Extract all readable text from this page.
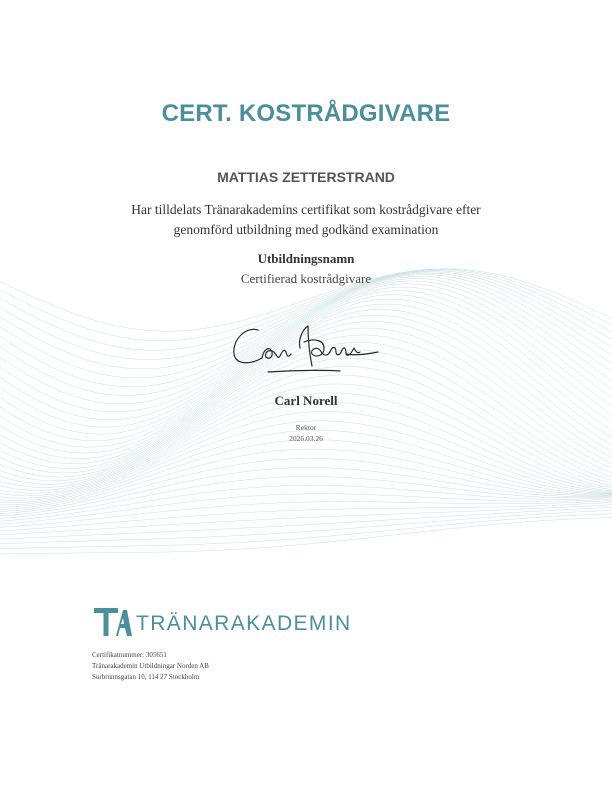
CERT. KOSTRÅDGIVARE
MATTIAS ZETTERSTRAND
Har tilldelats Tränarakademins certifikat som kostrådgivare efter
genomförd utbildning med godkänd examination
Utbildningsnamn
Certifierad kostrådgivare
Carl Norell
Rektor
2026.03.26
TRÄNARAKADEMIN
Certifikatnummer: 305651
Tränarakademin Utbildningar Norden AB
Surbrunnsgatan 10, 114 27 Stockholm
